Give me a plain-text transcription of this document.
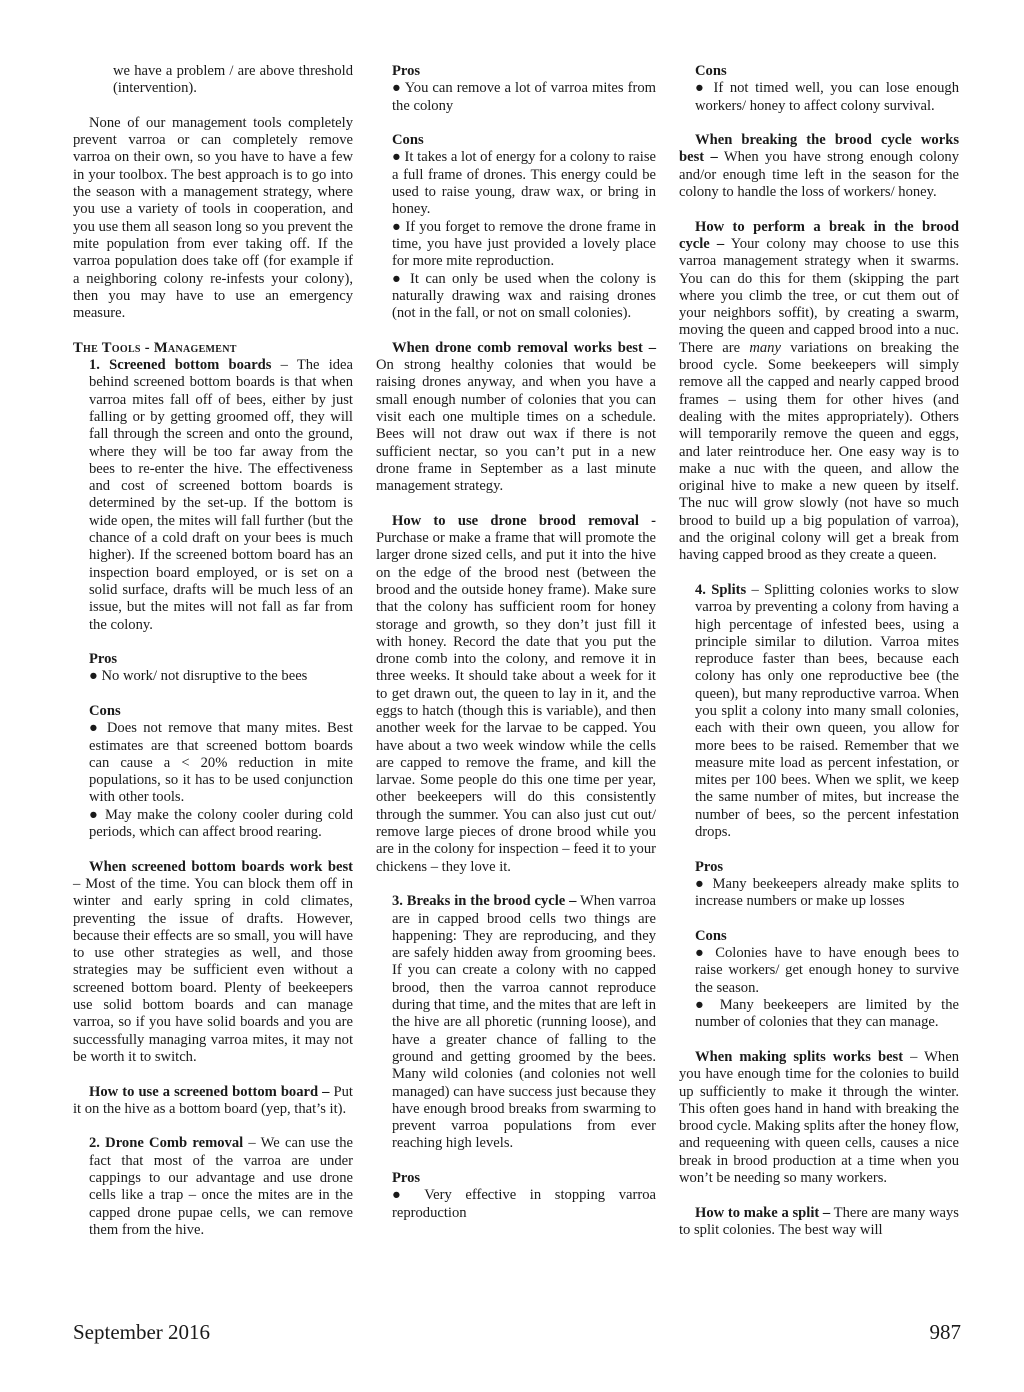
we have a problem / are above threshold (intervention).

None of our management tools completely prevent varroa or can completely remove varroa on their own, so you have to have a few in your toolbox. The best approach is to go into the season with a management strategy, where you use a variety of tools in cooperation, and you use them all season long so you prevent the mite population from ever taking off. If the varroa population does take off (for example if a neighboring colony re-infests your colony), then you may have to use an emergency measure.

The Tools - Management

1. Screened bottom boards – The idea behind screened bottom boards is that when varroa mites fall off of bees, either by just falling or by getting groomed off, they will fall through the screen and onto the ground, where they will be too far away from the bees to re-enter the hive. The effectiveness and cost of screened bottom boards is determined by the set-up. If the bottom is wide open, the mites will fall further (but the chance of a cold draft on your bees is much higher). If the screened bottom board has an inspection board employed, or is set on a solid surface, drafts will be much less of an issue, but the mites will not fall as far from the colony.

Pros

● No work/ not disruptive to the bees

Cons

● Does not remove that many mites. Best estimates are that screened bottom boards can cause a < 20% reduction in mite populations, so it has to be used conjunction with other tools.

● May make the colony cooler during cold periods, which can affect brood rearing.

When screened bottom boards work best – Most of the time. You can block them off in winter and early spring in cold climates, preventing the issue of drafts. However, because their effects are so small, you will have to use other strategies as well, and those strategies may be sufficient even without a screened bottom board. Plenty of beekeepers use solid bottom boards and can manage varroa, so if you have solid boards and you are successfully managing varroa mites, it may not be worth it to switch.

How to use a screened bottom board – Put it on the hive as a bottom board (yep, that’s it).

2. Drone Comb removal – We can use the fact that most of the varroa are under cappings to our advantage and use drone cells like a trap – once the mites are in the capped drone pupae cells, we can remove them from the hive.

Pros

● You can remove a lot of varroa mites from the colony

Cons

● It takes a lot of energy for a colony to raise a full frame of drones. This energy could be used to raise young, draw wax, or bring in honey.

● If you forget to remove the drone frame in time, you have just provided a lovely place for more mite reproduction.

● It can only be used when the colony is naturally drawing wax and raising drones (not in the fall, or not on small colonies).

When drone comb removal works best – On strong healthy colonies that would be raising drones anyway, and when you have a small enough number of colonies that you can visit each one multiple times on a schedule. Bees will not draw out wax if there is not sufficient nectar, so you can’t put in a new drone frame in September as a last minute management strategy.

How to use drone brood removal - Purchase or make a frame that will promote the larger drone sized cells, and put it into the hive on the edge of the brood nest (between the brood and the outside honey frame). Make sure that the colony has sufficient room for honey storage and growth, so they don’t just fill it with honey. Record the date that you put the drone comb into the colony, and remove it in three weeks. It should take about a week for it to get drawn out, the queen to lay in it, and the eggs to hatch (though this is variable), and then another week for the larvae to be capped. You have about a two week window while the cells are capped to remove the frame, and kill the larvae. Some people do this one time per year, other beekeepers will do this consistently through the summer. You can also just cut out/ remove large pieces of drone brood while you are in the colony for inspection – feed it to your chickens – they love it.

3. Breaks in the brood cycle – When varroa are in capped brood cells two things are happening: They are reproducing, and they are safely hidden away from grooming bees. If you can create a colony with no capped brood, then the varroa cannot reproduce during that time, and the mites that are left in the hive are all phoretic (running loose), and have a greater chance of falling to the ground and getting groomed by the bees. Many wild colonies (and colonies not well managed) can have success just because they have enough brood breaks from swarming to prevent varroa populations from ever reaching high levels.

Pros

● Very effective in stopping varroa reproduction

Cons

● If not timed well, you can lose enough workers/ honey to affect colony survival.

When breaking the brood cycle works best – When you have strong enough colony and/or enough time left in the season for the colony to handle the loss of workers/ honey.

How to perform a break in the brood cycle – Your colony may choose to use this varroa management strategy when it swarms. You can do this for them (skipping the part where you climb the tree, or cut them out of your neighbors soffit), by creating a swarm, moving the queen and capped brood into a nuc. There are many variations on breaking the brood cycle. Some beekeepers will simply remove all the capped and nearly capped brood frames – using them for other hives (and dealing with the mites appropriately). Others will temporarily remove the queen and eggs, and later reintroduce her. One easy way is to make a nuc with the queen, and allow the original hive to make a new queen by itself. The nuc will grow slowly (not have so much brood to build up a big population of varroa), and the original colony will get a break from having capped brood as they create a queen.

4. Splits – Splitting colonies works to slow varroa by preventing a colony from having a high percentage of infested bees, using a principle similar to dilution. Varroa mites reproduce faster than bees, because each colony has only one reproductive bee (the queen), but many reproductive varroa. When you split a colony into many small colonies, each with their own queen, you allow for more bees to be raised. Remember that we measure mite load as percent infestation, or mites per 100 bees. When we split, we keep the same number of mites, but increase the number of bees, so the percent infestation drops.

Pros

● Many beekeepers already make splits to increase numbers or make up losses

Cons

● Colonies have to have enough bees to raise workers/ get enough honey to survive the season.

● Many beekeepers are limited by the number of colonies that they can manage.

When making splits works best – When you have enough time for the colonies to build up sufficiently to make it through the winter. This often goes hand in hand with breaking the brood cycle. Making splits after the honey flow, and requeening with queen cells, causes a nice break in brood production at a time when you won’t be needing so many workers.

How to make a split – There are many ways to split colonies. The best way will

September 2016	987
